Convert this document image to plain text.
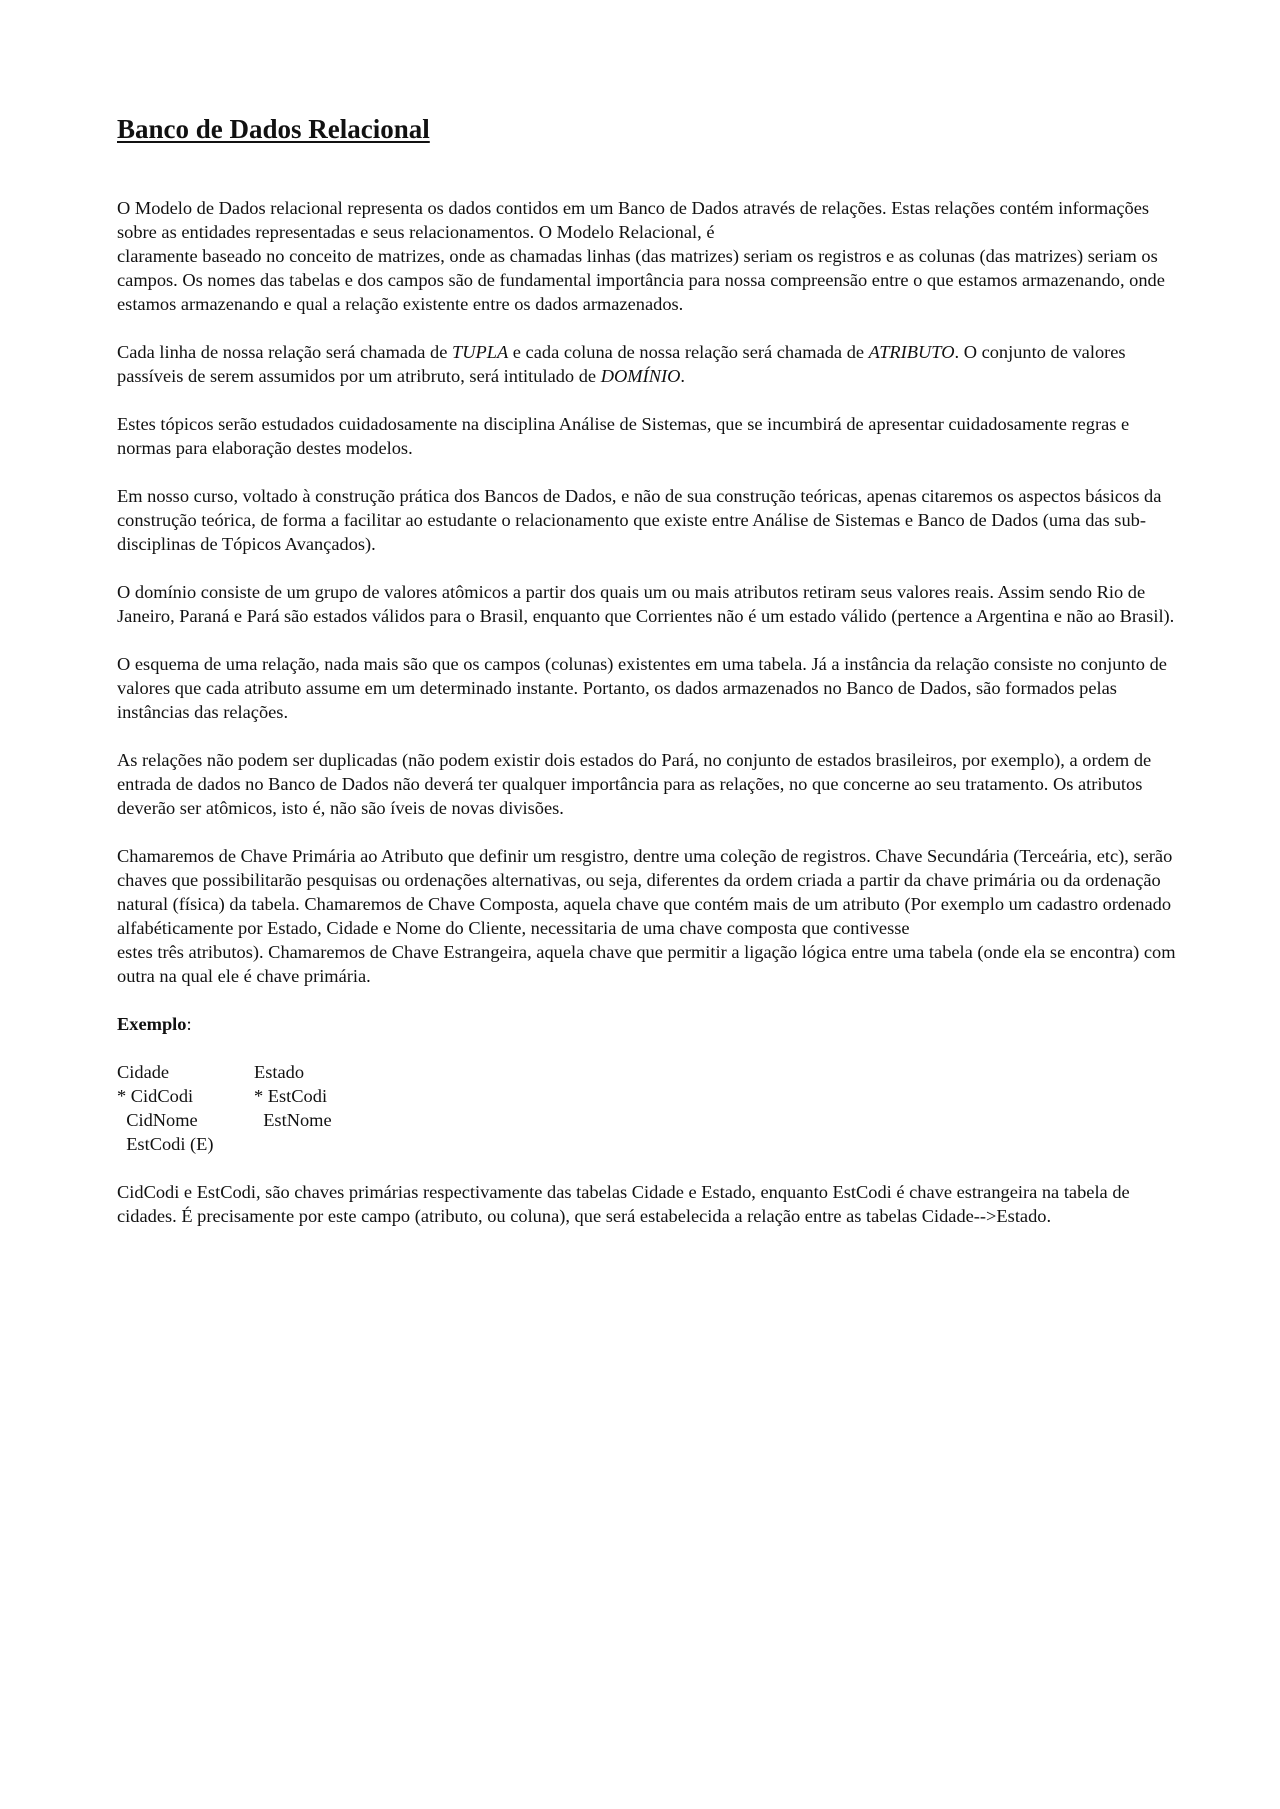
Banco de Dados Relacional

O Modelo de Dados relacional representa os dados contidos em um Banco de Dados através de relações. Estas relações contém informações sobre as entidades representadas e seus relacionamentos. O Modelo Relacional, é
claramente baseado no conceito de matrizes, onde as chamadas linhas (das matrizes) seriam os registros e as colunas (das matrizes) seriam os campos. Os nomes das tabelas e dos campos são de fundamental importância para nossa compreensão entre o que estamos armazenando, onde estamos armazenando e qual a relação existente entre os dados armazenados.

Cada linha de nossa relação será chamada de TUPLA e cada coluna de nossa relação será chamada de ATRIBUTO. O conjunto de valores passíveis de serem assumidos por um atribruto, será intitulado de DOMÍNIO.

Estes tópicos serão estudados cuidadosamente na disciplina Análise de Sistemas, que se incumbirá de apresentar cuidadosamente regras e normas para elaboração destes modelos.

Em nosso curso, voltado à construção prática dos Bancos de Dados, e não de sua construção teóricas, apenas citaremos os aspectos básicos da construção teórica, de forma a facilitar ao estudante o relacionamento que existe entre Análise de Sistemas e Banco de Dados (uma das sub-disciplinas de Tópicos Avançados).

O domínio consiste de um grupo de valores atômicos a partir dos quais um ou mais atributos retiram seus valores reais. Assim sendo Rio de Janeiro, Paraná e Pará são estados válidos para o Brasil, enquanto que Corrientes não é um estado válido (pertence a Argentina e não ao Brasil).

O esquema de uma relação, nada mais são que os campos (colunas) existentes em uma tabela. Já a instância da relação consiste no conjunto de valores que cada atributo assume em um determinado instante. Portanto, os dados armazenados no Banco de Dados, são formados pelas instâncias das relações.

As relações não podem ser duplicadas (não podem existir dois estados do Pará, no conjunto de estados brasileiros, por exemplo), a ordem de entrada de dados no Banco de Dados não deverá ter qualquer importância para as relações, no que concerne ao seu tratamento. Os atributos deverão ser atômicos, isto é, não são íveis de novas divisões.

Chamaremos de Chave Primária ao Atributo que definir um resgistro, dentre uma coleção de registros. Chave Secundária (Terceária, etc), serão chaves que possibilitarão pesquisas ou ordenações alternativas, ou seja, diferentes da ordem criada a partir da chave primária ou da ordenação natural (física) da tabela. Chamaremos de Chave Composta, aquela chave que contém mais de um atributo (Por exemplo um cadastro ordenado alfabéticamente por Estado, Cidade e Nome do Cliente, necessitaria de uma chave composta que contivesse
estes três atributos). Chamaremos de Chave Estrangeira, aquela chave que permitir a ligação lógica entre uma tabela (onde ela se encontra) com outra na qual ele é chave primária.

Exemplo:

Cidade
* CidCodi
CidNome
EstCodi (E)
Estado
* EstCodi
EstNome

CidCodi e EstCodi, são chaves primárias respectivamente das tabelas Cidade e Estado, enquanto EstCodi é chave estrangeira na tabela de cidades. É precisamente por este campo (atributo, ou coluna), que será estabelecida a relação entre as tabelas Cidade-->Estado.
